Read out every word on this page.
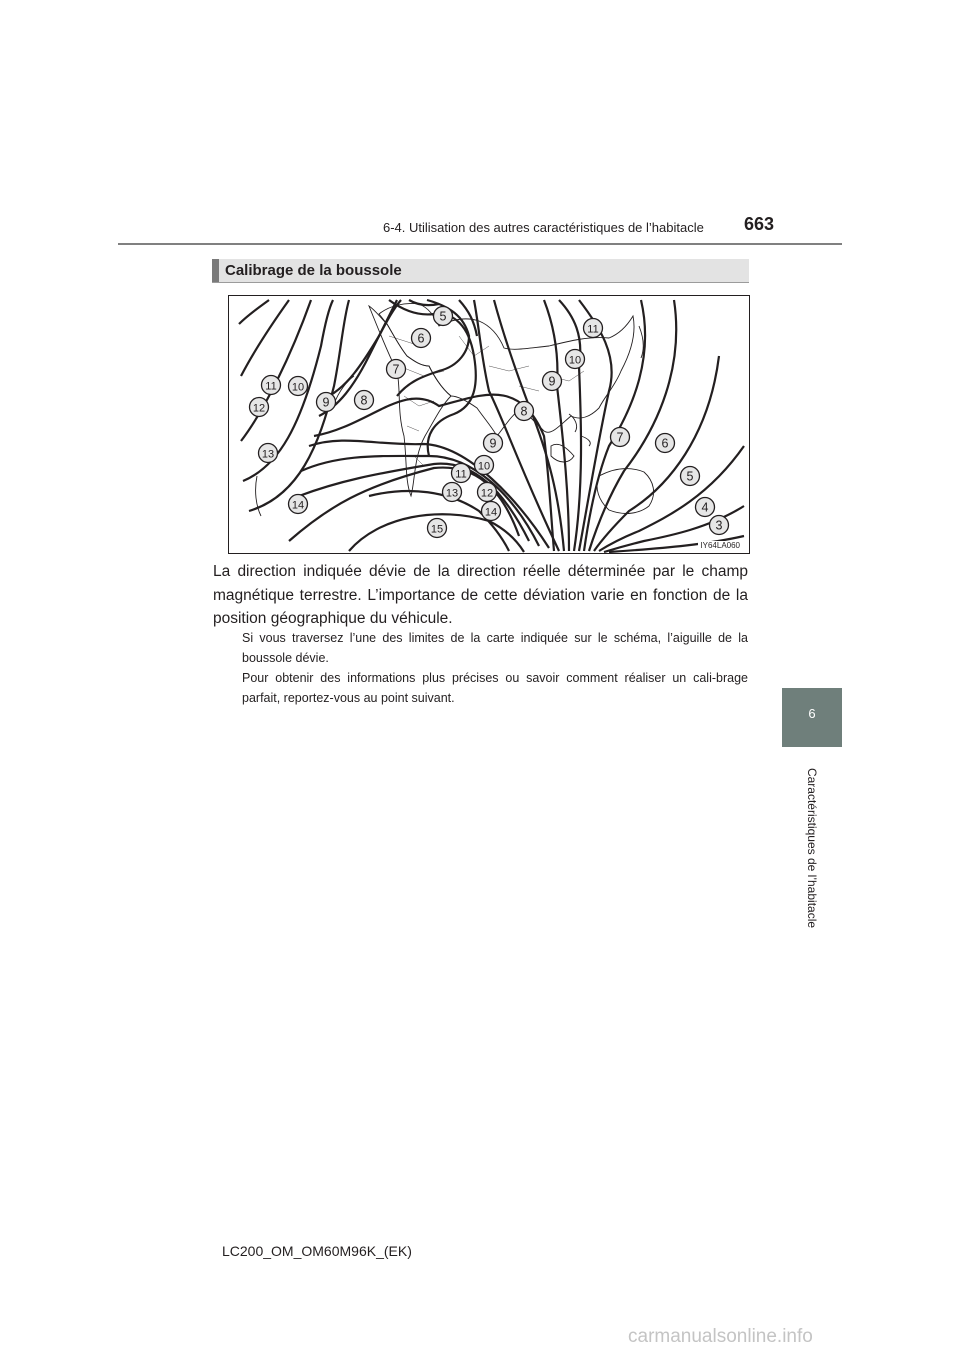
6-4. Utilisation des autres caractéristiques de l’habitacle 663
6
Caractéristiques de l’habitacle
Calibrage de la boussole
5
6
7
8
9
10
11
12
13
14
15
11
10
9
8
9
10
11
12
13
14
7	6
5
4
3
IY64LA060
La direction indiquée dévie de la direction réelle déterminée par le champ magnétique terrestre. L’importance de cette déviation varie en fonction de la position géographique du véhicule.
Si vous traversez l’une des limites de la carte indiquée sur le schéma, l’aiguille de la boussole dévie.
Pour obtenir des informations plus précises ou savoir comment réaliser un cali-brage parfait, reportez-vous au point suivant.
LC200_OM_OM60M96K_(EK)
carmanualsonline.info
